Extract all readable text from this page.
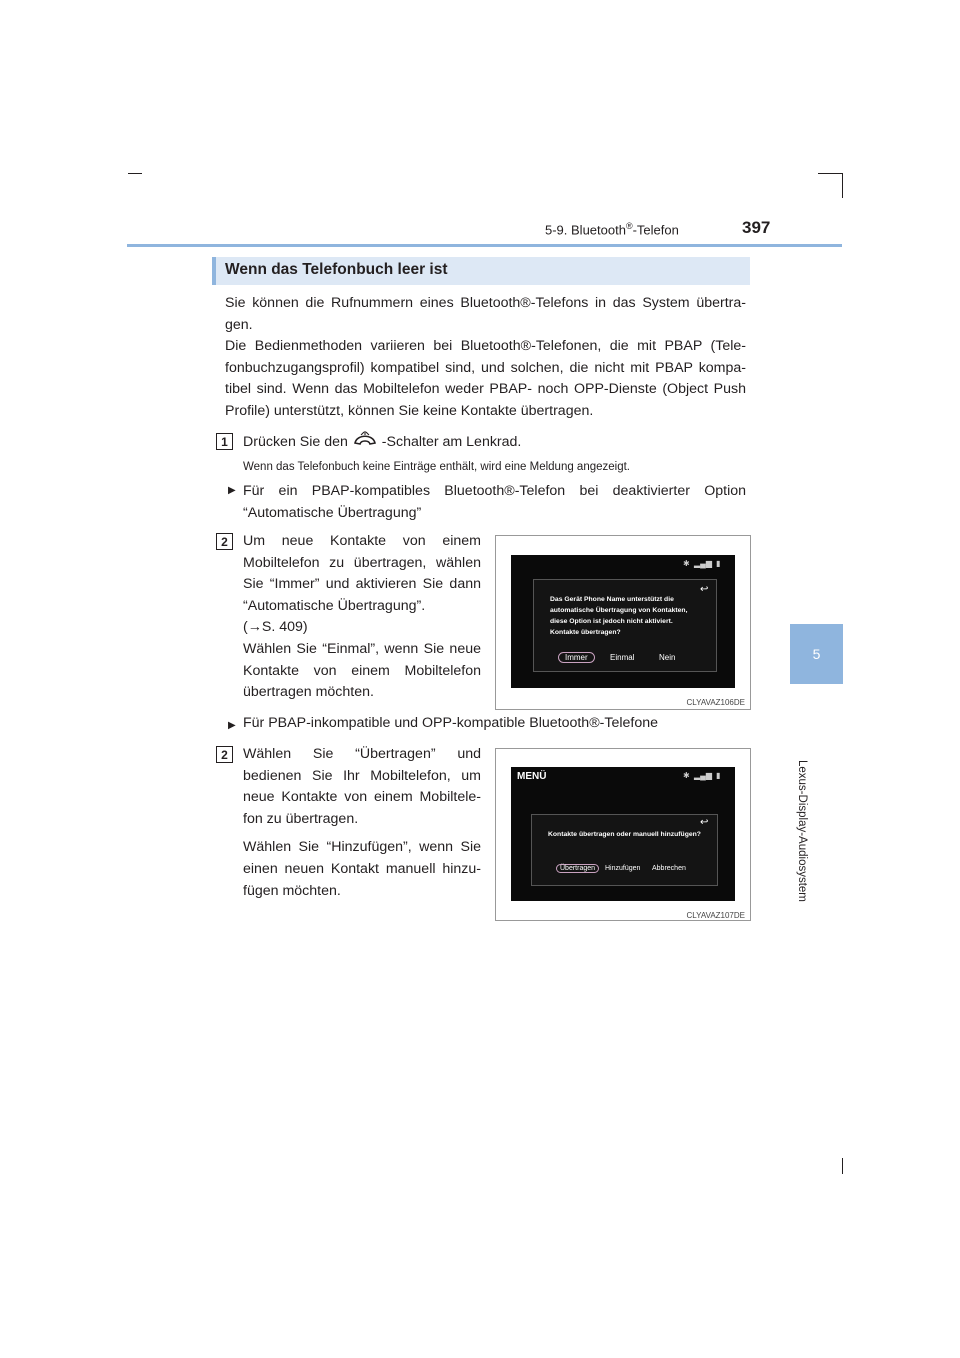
5-9. Bluetooth®-Telefon	397
5
Lexus-Display-Audiosystem
Wenn das Telefonbuch leer ist
Sie können die Rufnummern eines Bluetooth®-Telefons in das System übertra-gen.
Die Bedienmethoden variieren bei Bluetooth®-Telefonen, die mit PBAP (Tele-fonbuchzugangsprofil) kompatibel sind, und solchen, die nicht mit PBAP kompa-tibel sind. Wenn das Mobiltelefon weder PBAP- noch OPP-Dienste (Object Push Profile) unterstützt, können Sie keine Kontakte übertragen.
1	Drücken Sie den -Schalter am Lenkrad.
Wenn das Telefonbuch keine Einträge enthält, wird eine Meldung angezeigt.
▶ Für ein PBAP-kompatibles Bluetooth®-Telefon bei deaktivierter Option
“Automatische Übertragung”
2	Um neue Kontakte von einem Mobiltelefon zu übertragen, wählen Sie “Immer” und aktivieren Sie dann “Automatische Übertragung”.
(→S. 409)
Wählen Sie “Einmal”, wenn Sie neue Kontakte von einem Mobiltelefon übertragen möchten.
✱ ▂▄▆ ▮
↩
Das Gerät Phone Name unterstützt die
automatische Übertragung von Kontakten,
diese Option ist jedoch nicht aktiviert.
Kontakte übertragen?
Immer	Einmal	Nein
CLYAVAZ106DE
▶ Für PBAP-inkompatible und OPP-kompatible Bluetooth®-Telefone
2	Wählen Sie “Übertragen” und bedienen Sie Ihr Mobiltelefon, um neue Kontakte von einem Mobiltele-fon zu übertragen.
Wählen Sie “Hinzufügen”, wenn Sie einen neuen Kontakt manuell hinzu-fügen möchten.
MENÜ	✱ ▂▄▆ ▮
↩
Kontakte übertragen oder manuell hinzufügen?
Übertragen	Hinzufügen Abbrechen
CLYAVAZ107DE
